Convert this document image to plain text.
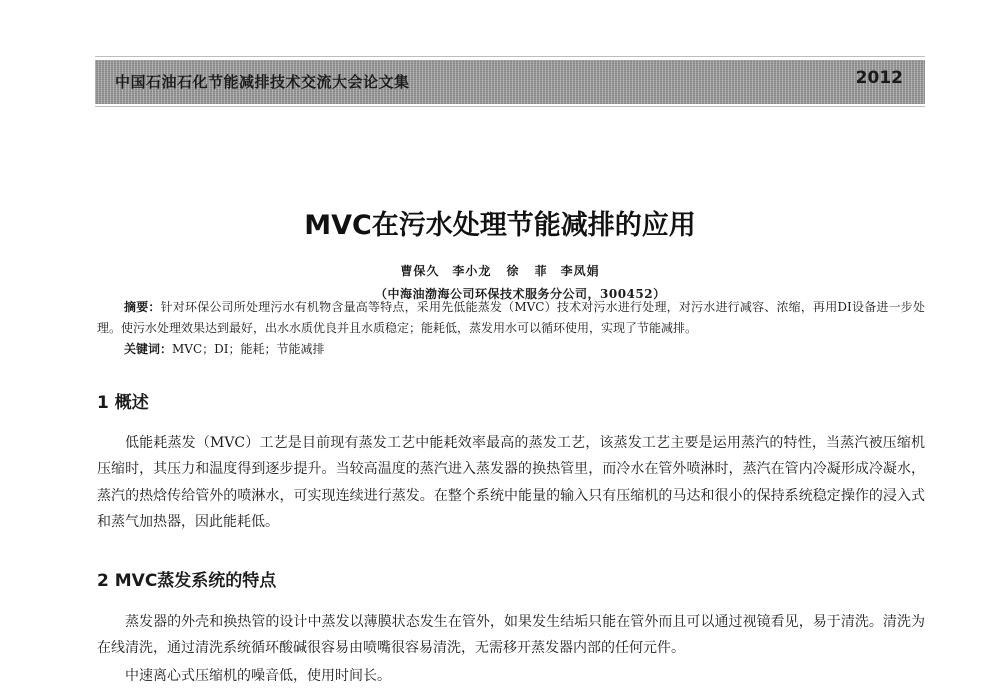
中国石油石化节能减排技术交流大会论文集	2012
MVC在污水处理节能减排的应用
曹保久　李小龙 徐 菲　李凤娟
（中海油渤海公司环保技术服务分公司，300452）
摘要：针对环保公司所处理污水有机物含量高等特点，采用先低能蒸发（MVC）技术对污水进行处理，对污水进行减容、浓缩，再用DI设备进一步处理。使污水处理效果达到最好，出水水质优良并且水质稳定；能耗低，蒸发用水可以循环使用，实现了节能减排。
关键词：MVC；DI；能耗；节能减排
1 概述
低能耗蒸发（MVC）工艺是目前现有蒸发工艺中能耗效率最高的蒸发工艺，该蒸发工艺主要是运用蒸汽的特性，当蒸汽被压缩机压缩时，其压力和温度得到逐步提升。当较高温度的蒸汽进入蒸发器的换热管里，而冷水在管外喷淋时，蒸汽在管内冷凝形成冷凝水，蒸汽的热焓传给管外的喷淋水，可实现连续进行蒸发。在整个系统中能量的输入只有压缩机的马达和很小的保持系统稳定操作的浸入式和蒸气加热器，因此能耗低。
2 MVC蒸发系统的特点
蒸发器的外壳和换热管的设计中蒸发以薄膜状态发生在管外，如果发生结垢只能在管外而且可以通过视镜看见，易于清洗。清洗为在线清洗，通过清洗系统循环酸碱很容易由喷嘴很容易清洗，无需移开蒸发器内部的任何元件。
中速离心式压缩机的噪音低，使用时间长。
